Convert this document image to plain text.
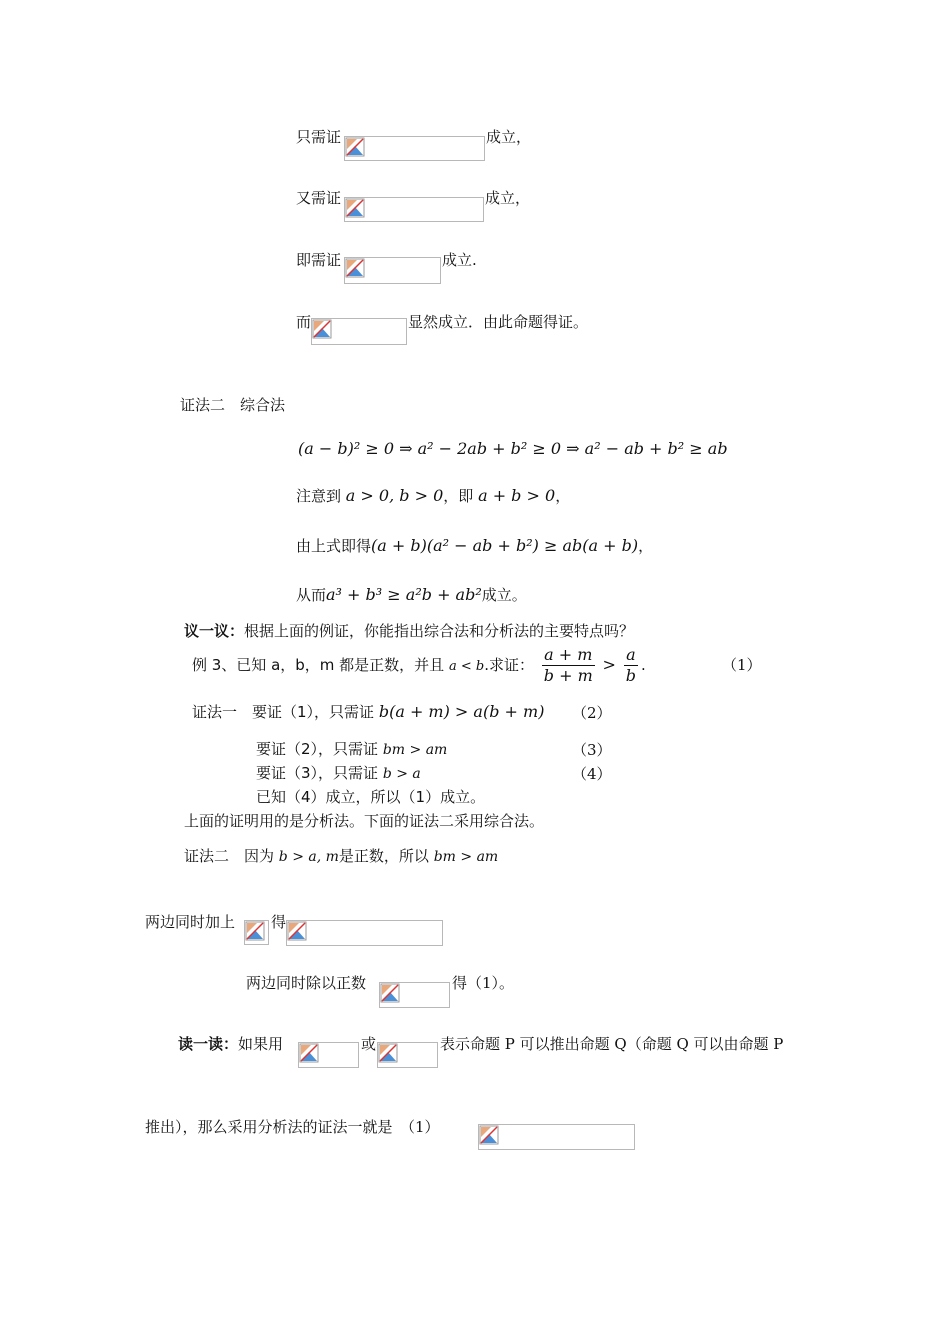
只需证	成立，
又需证	成立，
即需证	成立.
而	显然成立．由此命题得证。
证法二　综合法
(a − b)² ≥ 0 ⇒ a² − 2ab + b² ≥ 0 ⇒ a² − ab + b² ≥ ab
注意到 a > 0, b > 0，即 a + b > 0，
由上式即得(a + b)(a² − ab + b²) ≥ ab(a + b)，
从而a³ + b³ ≥ a²b + ab²成立。
议一议：根据上面的例证，你能指出综合法和分析法的主要特点吗？
例 3、已知 a，b，m 都是正数，并且 a < b.求证： $\frac{a + m}{b + m} > \frac{a}{b}$ .	（1）
证法一　要证（1），只需证 b(a + m) > a(b + m) （2）
要证（2），只需证 bm > am	（3）
要证（3），只需证 b > a	（4）
已知（4）成立，所以（1）成立。
上面的证明用的是分析法。下面的证法二采用综合法。
证法二　因为 b > a, m是正数，所以 bm > am
两边同时加上 得
两边同时除以正数	得（1）。
读一读：如果用	或	表示命题 P 可以推出命题 Q（命题 Q 可以由命题 P
推出），那么采用分析法的证法一就是　（1）
